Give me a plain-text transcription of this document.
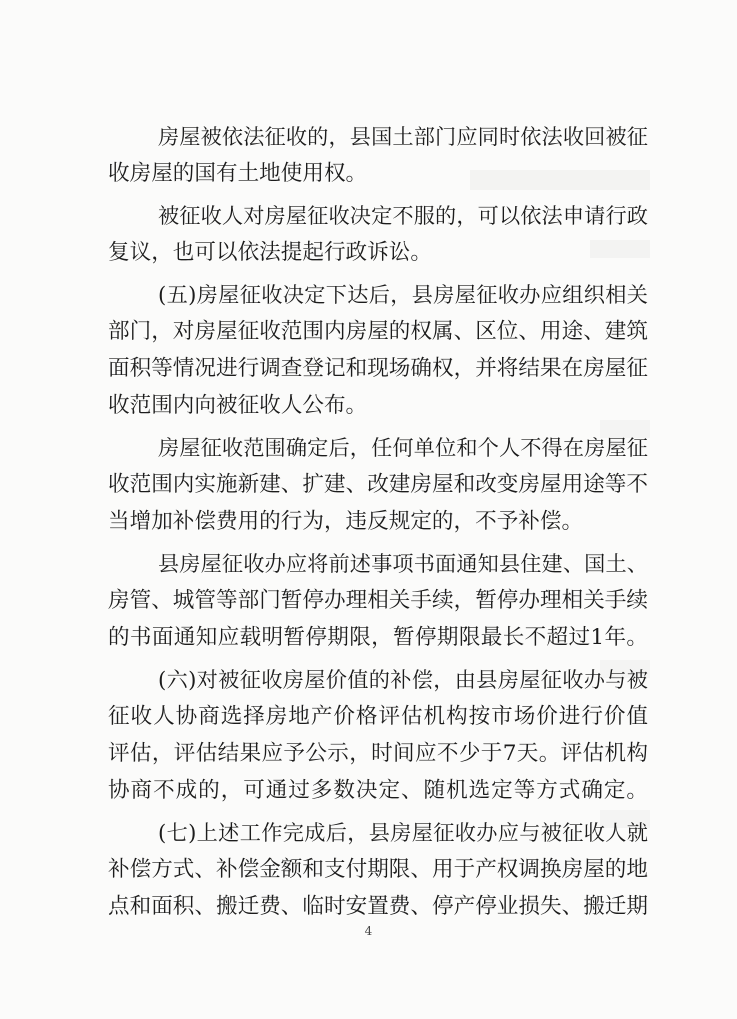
房屋被依法征收的，县国土部门应同时依法收回被征
收房屋的国有土地使用权。
被征收人对房屋征收决定不服的，可以依法申请行政
复议，也可以依法提起行政诉讼。
(五)房屋征收决定下达后，县房屋征收办应组织相关
部门，对房屋征收范围内房屋的权属、区位、用途、建筑
面积等情况进行调查登记和现场确权，并将结果在房屋征
收范围内向被征收人公布。
房屋征收范围确定后，任何单位和个人不得在房屋征
收范围内实施新建、扩建、改建房屋和改变房屋用途等不
当增加补偿费用的行为，违反规定的，不予补偿。
县房屋征收办应将前述事项书面通知县住建、国土、
房管、城管等部门暂停办理相关手续，暂停办理相关手续
的书面通知应载明暂停期限，暂停期限最长不超过1年。
(六)对被征收房屋价值的补偿，由县房屋征收办与被
征收人协商选择房地产价格评估机构按市场价进行价值
评估，评估结果应予公示，时间应不少于7天。评估机构
协商不成的，可通过多数决定、随机选定等方式确定。
(七)上述工作完成后，县房屋征收办应与被征收人就
补偿方式、补偿金额和支付期限、用于产权调换房屋的地
点和面积、搬迁费、临时安置费、停产停业损失、搬迁期
4
